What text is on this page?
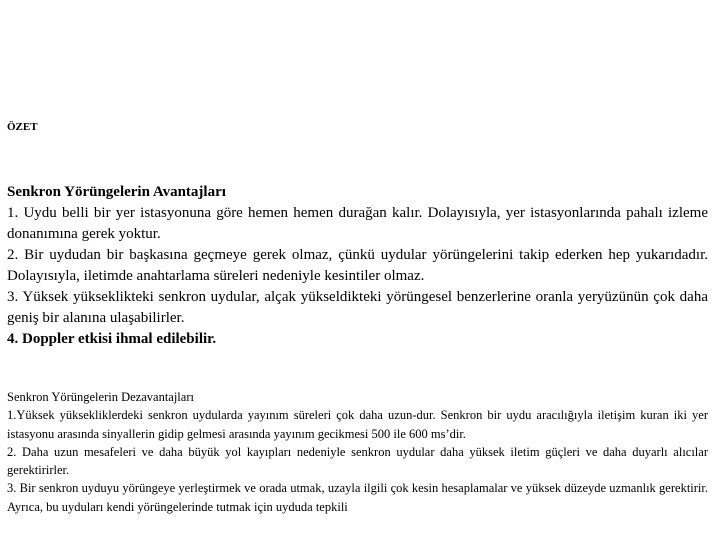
ÖZET
Senkron Yörüngelerin Avantajları

1. Uydu belli bir yer istasyonuna göre hemen hemen durağan kalır. Dolayısıyla, yer istasyonlarında pahalı izleme donanımına gerek yoktur.

2. Bir uydudan bir başkasına geçmeye gerek olmaz, çünkü uydular yörüngelerini takip ederken hep yukarıdadır. Dolayısıyla, iletimde anahtarlama süreleri nedeniyle kesintiler olmaz.

3. Yüksek yükseklikteki senkron uydular, alçak yükseldikteki yörüngesel benzerlerine oranla yeryüzünün çok daha geniş bir alanına ulaşabilirler.

4. Doppler etkisi ihmal edilebilir.

Senkron Yörüngelerin Dezavantajları

1.Yüksek yüksekliklerdeki senkron uydularda yayınım süreleri çok daha uzun-dur. Senkron bir uydu aracılığıyla iletişim kuran iki yer istasyonu arasında sinyallerin gidip gelmesi arasında yayınım gecikmesi 500 ile 600 ms’dir.

2. Daha uzun mesafeleri ve daha büyük yol kayıpları nedeniyle senkron uydular daha yüksek iletim güçleri ve daha duyarlı alıcılar gerektirirler.

3. Bir senkron uyduyu yörüngeye yerleştirmek ve orada utmak, uzayla ilgili çok kesin hesaplamalar ve yüksek düzeyde uzmanlık gerektirir. Ayrıca, bu uyduları kendi yörüngelerinde tutmak için uyduda tepkili
